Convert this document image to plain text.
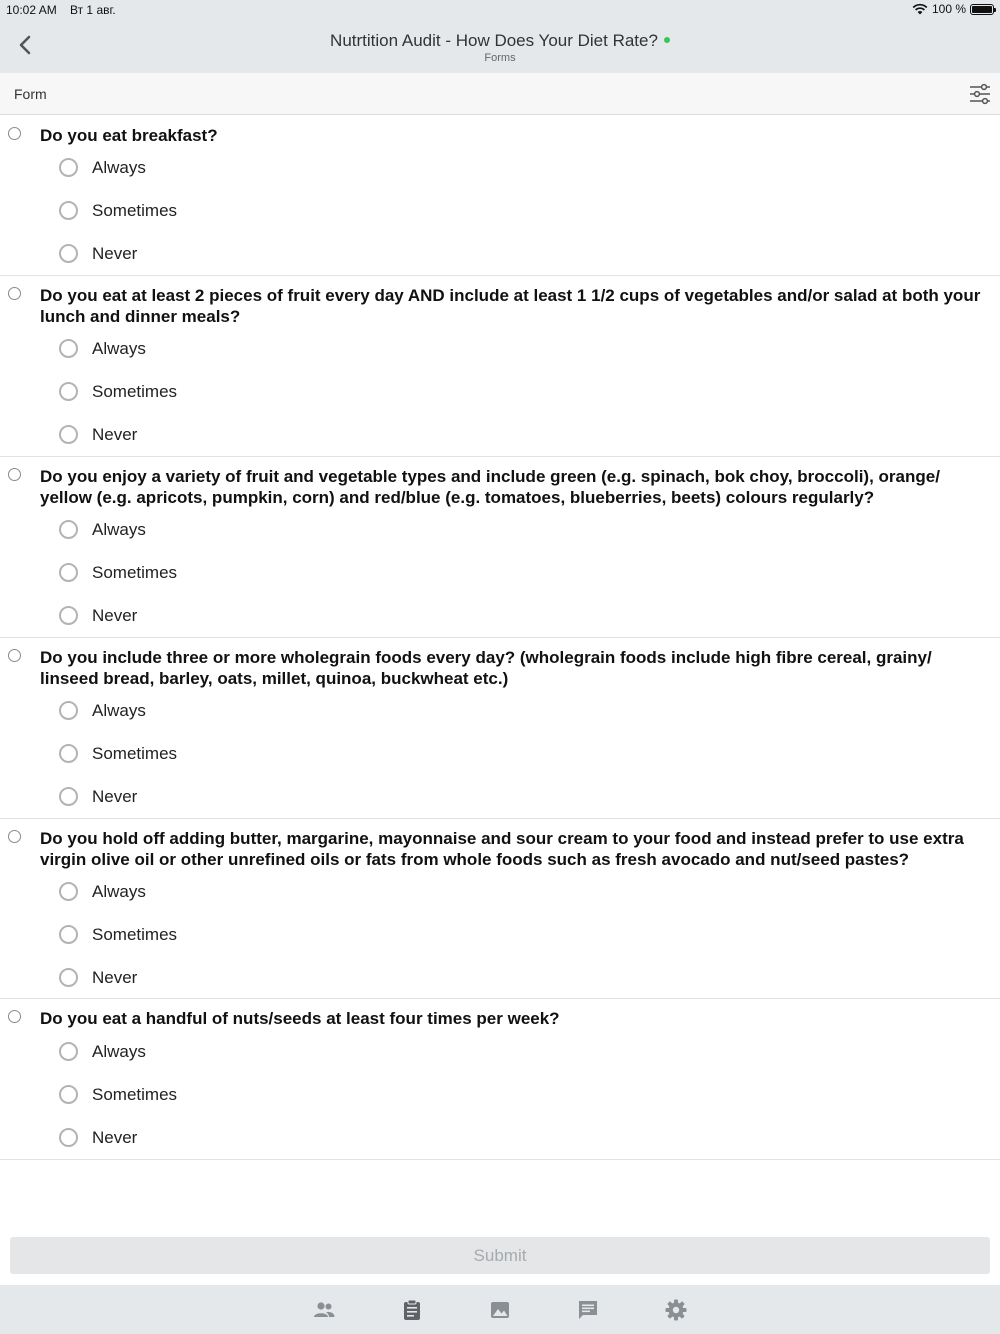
10:02 AM Вт 1 авг.	100 %
Nutrtition Audit - How Does Your Diet Rate?
Forms
Form
Do you eat breakfast?
Always
Sometimes
Never
Do you eat at least 2 pieces of fruit every day AND include at least 1 1/2 cups of vegetables and/or salad at both your lunch and dinner meals?
Always
Sometimes
Never
Do you enjoy a variety of fruit and vegetable types and include green (e.g. spinach, bok choy, broccoli), orange/ yellow (e.g. apricots, pumpkin, corn) and red/blue (e.g. tomatoes, blueberries, beets) colours regularly?
Always
Sometimes
Never
Do you include three or more wholegrain foods every day? (wholegrain foods include high fibre cereal, grainy/ linseed bread, barley, oats, millet, quinoa, buckwheat etc.)
Always
Sometimes
Never
Do you hold off adding butter, margarine, mayonnaise and sour cream to your food and instead prefer to use extra virgin olive oil or other unrefined oils or fats from whole foods such as fresh avocado and nut/seed pastes?
Always
Sometimes
Never
Do you eat a handful of nuts/seeds at least four times per week?
Always
Sometimes
Never
Submit
